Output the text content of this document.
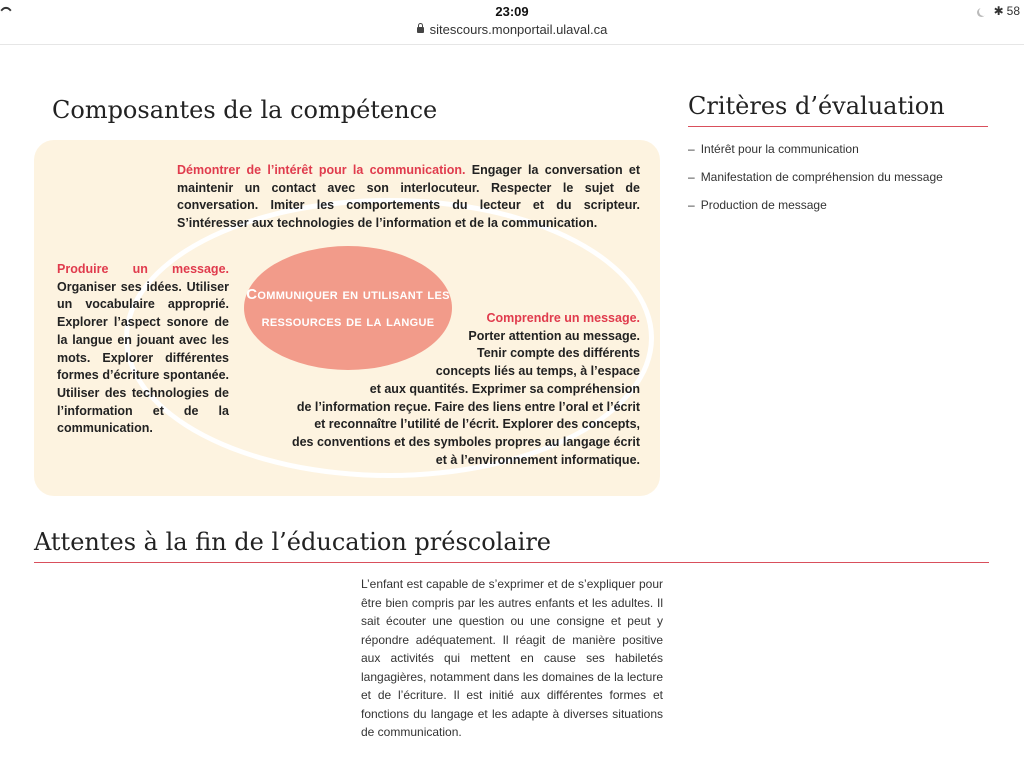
23:09
sitescours.monportail.ulaval.ca
✱ 58
Composantes de la compétence
Communiquer en utilisant les ressources de la langue
Démontrer de l’intérêt pour la communication. Engager la conversation et maintenir un contact avec son interlocuteur. Respecter le sujet de conversation. Imiter les comportements du lecteur et du scripteur. S’intéresser aux technologies de l’information et de la communication.
Produire un message. Organiser ses idées. Utiliser un vocabulaire approprié. Explorer l’aspect sonore de la langue en jouant avec les mots. Explorer différentes formes d’écriture spontanée. Utiliser des technologies de l’information et de la communication.
Comprendre un message.
Porter attention au message.
Tenir compte des différents
concepts liés au temps, à l’espace
et aux quantités. Exprimer sa compréhension
de l’information reçue. Faire des liens entre l’oral et l’écrit
et reconnaître l’utilité de l’écrit. Explorer des concepts,
des conventions et des symboles propres au langage écrit
et à l’environnement informatique.
Critères d’évaluation
– Intérêt pour la communication
– Manifestation de compréhension du message
– Production de message
Attentes à la fin de l’éducation préscolaire

L’enfant est capable de s’exprimer et de s’expliquer pour être bien compris par les autres enfants et les adultes. Il sait écouter une question ou une consigne et peut y répondre adéquatement. Il réagit de manière positive aux activités qui mettent en cause ses habiletés langagières, notamment dans les domaines de la lecture et de l’écriture. Il est initié aux différentes formes et fonctions du langage et les adapte à diverses situations de communication.
